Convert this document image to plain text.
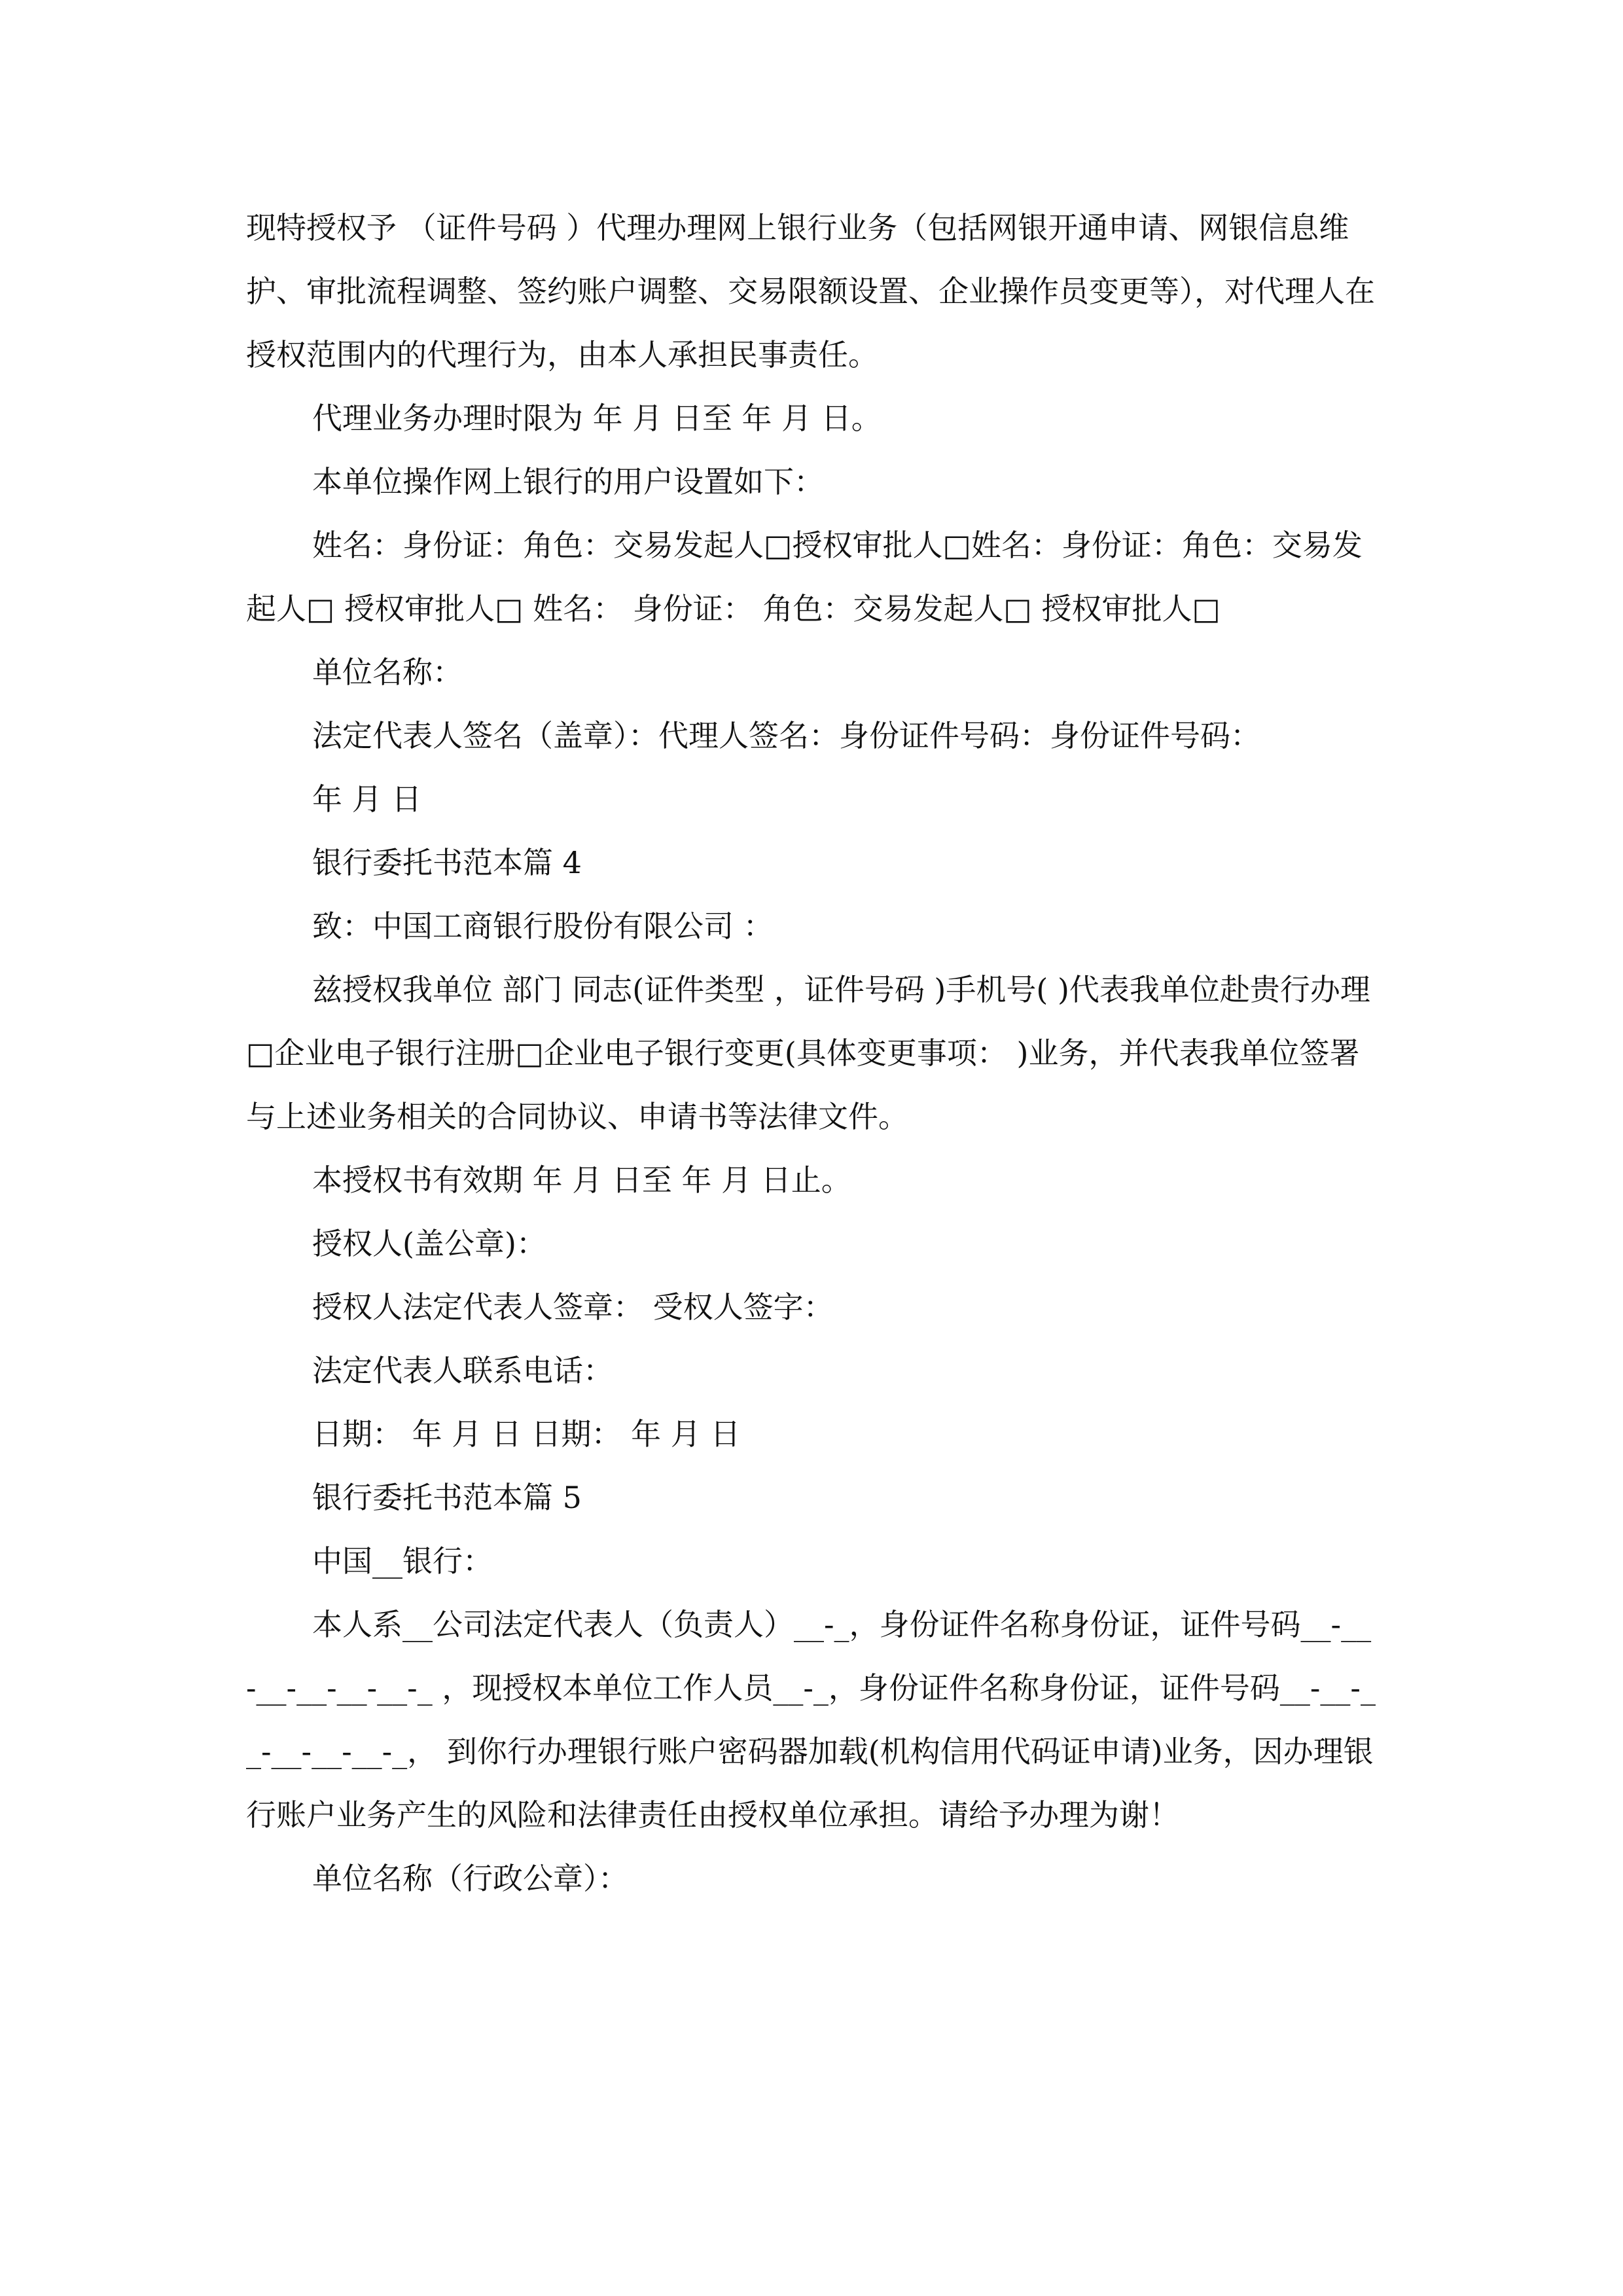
现特授权予 （证件号码 ）代理办理网上银行业务（包括网银开通申请、网银信息维护、审批流程调整、签约账户调整、交易限额设置、企业操作员变更等），对代理人在授权范围内的代理行为，由本人承担民事责任。

代理业务办理时限为 年 月 日至 年 月 日。

本单位操作网上银行的用户设置如下：

姓名：身份证：角色：交易发起人□授权审批人□姓名：身份证：角色：交易发起人□ 授权审批人□ 姓名： 身份证： 角色：交易发起人□ 授权审批人□

单位名称：

法定代表人签名（盖章）：代理人签名：身份证件号码：身份证件号码：

年 月 日

银行委托书范本篇 4

致：中国工商银行股份有限公司 ：

兹授权我单位 部门 同志(证件类型 ，证件号码 )手机号( )代表我单位赴贵行办理□企业电子银行注册□企业电子银行变更(具体变更事项： )业务，并代表我单位签署与上述业务相关的合同协议、申请书等法律文件。

本授权书有效期 年 月 日至 年 月 日止。

授权人(盖公章)：

授权人法定代表人签章： 受权人签字：

法定代表人联系电话：

日期： 年 月 日 日期： 年 月 日

银行委托书范本篇 5

中国__银行：

本人系__公司法定代表人（负责人）__-_，身份证件名称身份证，证件号码__-__-__-__-__-__-_ ，现授权本单位工作人员__-_，身份证件名称身份证，证件号码__-__-__-__-__-__-_， 到你行办理银行账户密码器加载(机构信用代码证申请)业务，因办理银行账户业务产生的风险和法律责任由授权单位承担。请给予办理为谢！

单位名称（行政公章）：
